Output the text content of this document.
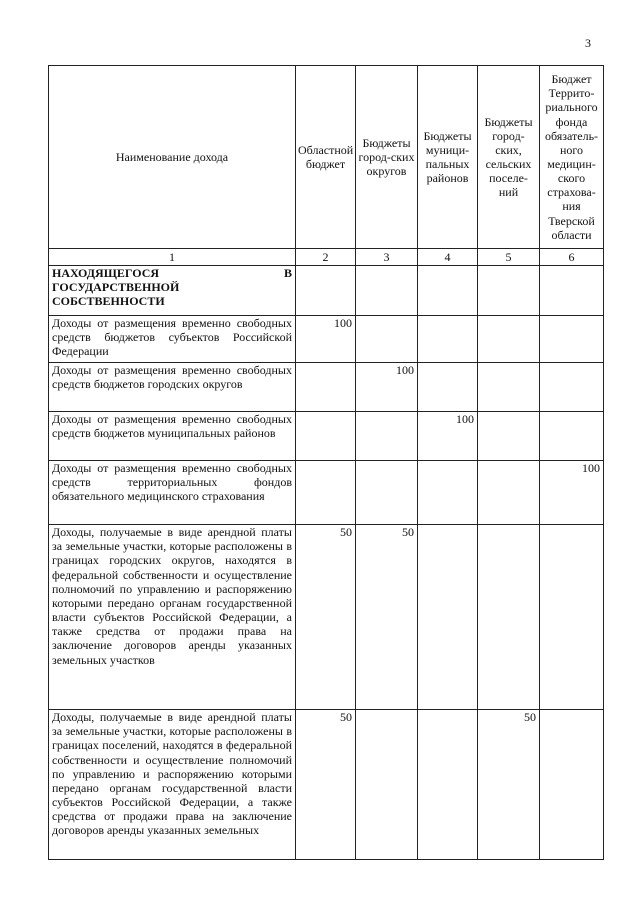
3
Наименование дохода	Областной бюджет	Бюджеты город-ских округов	Бюджеты муници-пальных районов	Бюджеты город-ских, сельских поселе-ний	Бюджет Террито-риального фонда обязатель-ного медицин-ского страхова-ния Тверской области

1	2	3	4	5	6

НАХОДЯЩЕГОСЯ В
ГОСУДАРСТВЕННОЙ СОБСТВЕННОСТИ					

Доходы от размещения временно свободных средств бюджетов субъектов Российской Федерации	100				
Доходы от размещения временно свободных средств бюджетов городских округов		100			
Доходы от размещения временно свободных средств бюджетов муниципальных районов			100		
Доходы от размещения временно свободных средств территориальных фондов обязательного медицинского страхования					100
Доходы, получаемые в виде арендной платы за земельные участки, которые расположены в границах городских округов, находятся в федеральной собственности и осуществление полномочий по управлению и распоряжению которыми передано органам государственной власти субъектов Российской Федерации, а также средства от продажи права на заключение договоров аренды указанных земельных участков	50	50			
Доходы, получаемые в виде арендной платы за земельные участки, которые расположены в границах поселений, находятся в федеральной собственности и осуществление полномочий по управлению и распоряжению которыми передано органам государственной власти субъектов Российской Федерации, а также средства от продажи права на заключение договоров аренды указанных земельных	50			50	
